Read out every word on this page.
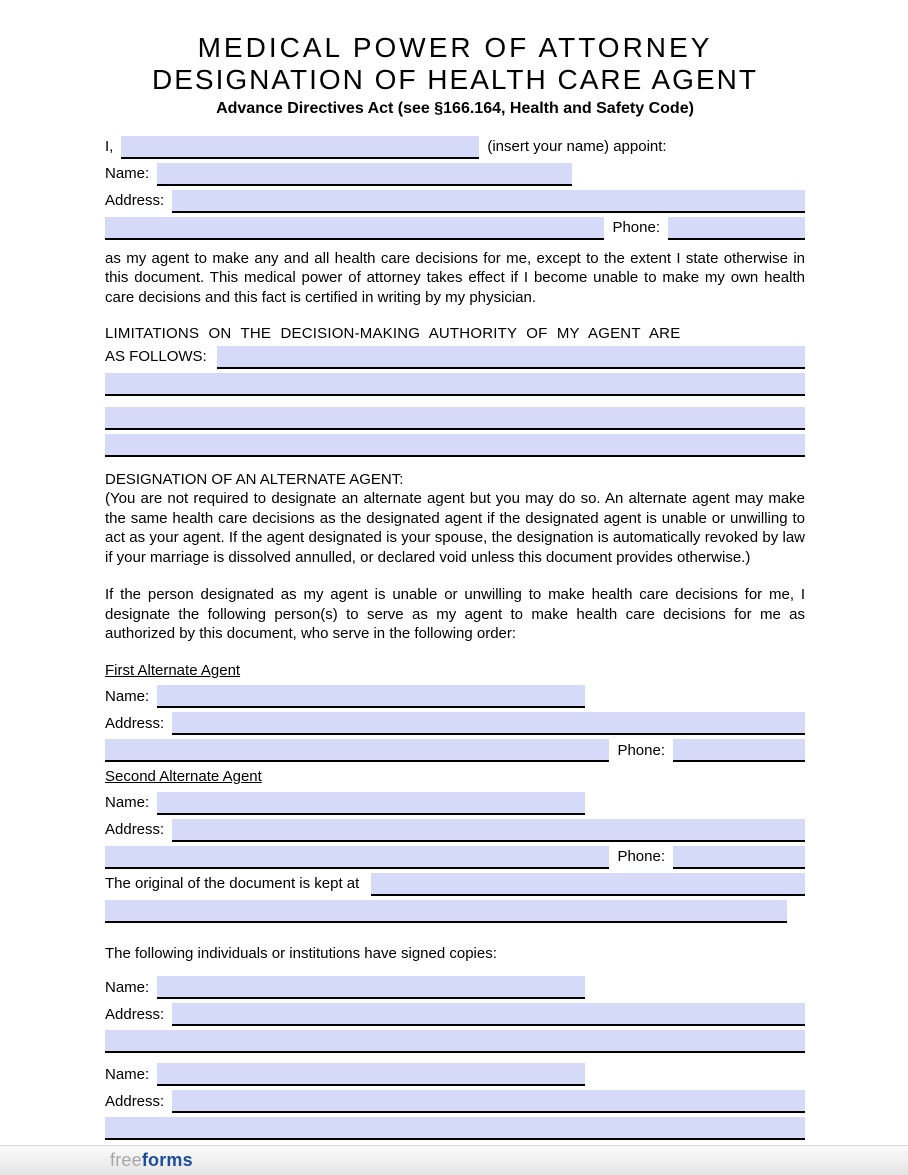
MEDICAL POWER OF ATTORNEY
DESIGNATION OF HEALTH CARE AGENT
Advance Directives Act (see §166.164, Health and Safety Code)
I,	(insert your name) appoint:
Name:
Address:
Phone:

as my agent to make any and all health care decisions for me, except to the extent I state otherwise in this document. This medical power of attorney takes effect if I become unable to make my own health care decisions and this fact is certified in writing by my physician.

LIMITATIONS ON THE DECISION-MAKING AUTHORITY OF MY AGENT ARE
AS FOLLOWS:
DESIGNATION OF AN ALTERNATE AGENT:

(You are not required to designate an alternate agent but you may do so. An alternate agent may make the same health care decisions as the designated agent if the designated agent is unable or unwilling to act as your agent. If the agent designated is your spouse, the designation is automatically revoked by law if your marriage is dissolved annulled, or declared void unless this document provides otherwise.)

If the person designated as my agent is unable or unwilling to make health care decisions for me, I designate the following person(s) to serve as my agent to make health care decisions for me as authorized by this document, who serve in the following order:

First Alternate Agent
Name:
Address:
Phone:
Second Alternate Agent
Name:
Address:
Phone:
The original of the document is kept at

The following individuals or institutions have signed copies:

Name:
Address:
Name:
Address:
freeforms
